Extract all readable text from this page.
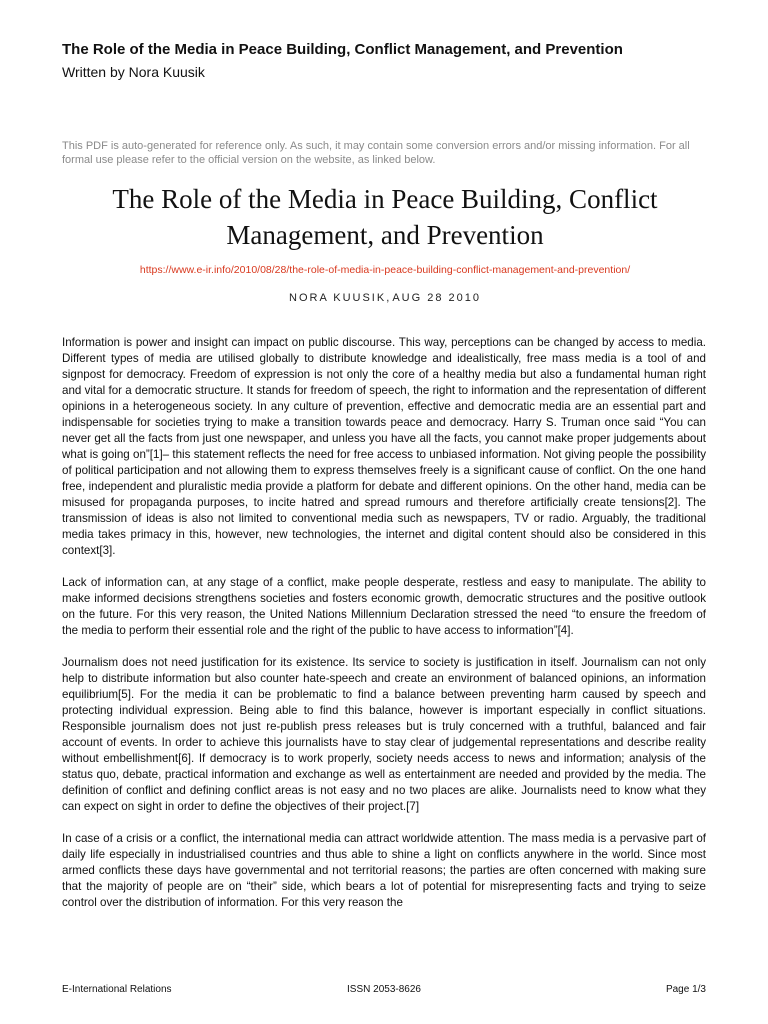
The Role of the Media in Peace Building, Conflict Management, and Prevention

Written by Nora Kuusik

This PDF is auto-generated for reference only. As such, it may contain some conversion errors and/or missing information. For all formal use please refer to the official version on the website, as linked below.

The Role of the Media in Peace Building, Conflict Management, and Prevention
https://www.e-ir.info/2010/08/28/the-role-of-media-in-peace-building-conflict-management-and-prevention/
NORA KUUSIK, AUG 28 2010

Information is power and insight can impact on public discourse. This way, perceptions can be changed by access to media. Different types of media are utilised globally to distribute knowledge and idealistically, free mass media is a tool of and signpost for democracy. Freedom of expression is not only the core of a healthy media but also a fundamental human right and vital for a democratic structure. It stands for freedom of speech, the right to information and the representation of different opinions in a heterogeneous society. In any culture of prevention, effective and democratic media are an essential part and indispensable for societies trying to make a transition towards peace and democracy. Harry S. Truman once said “You can never get all the facts from just one newspaper, and unless you have all the facts, you cannot make proper judgements about what is going on”[1]– this statement reflects the need for free access to unbiased information. Not giving people the possibility of political participation and not allowing them to express themselves freely is a significant cause of conflict. On the one hand free, independent and pluralistic media provide a platform for debate and different opinions. On the other hand, media can be misused for propaganda purposes, to incite hatred and spread rumours and therefore artificially create tensions[2]. The transmission of ideas is also not limited to conventional media such as newspapers, TV or radio. Arguably, the traditional media takes primacy in this, however, new technologies, the internet and digital content should also be considered in this context[3].

Lack of information can, at any stage of a conflict, make people desperate, restless and easy to manipulate. The ability to make informed decisions strengthens societies and fosters economic growth, democratic structures and the positive outlook on the future. For this very reason, the United Nations Millennium Declaration stressed the need “to ensure the freedom of the media to perform their essential role and the right of the public to have access to information”[4].

Journalism does not need justification for its existence. Its service to society is justification in itself. Journalism can not only help to distribute information but also counter hate-speech and create an environment of balanced opinions, an information equilibrium[5]. For the media it can be problematic to find a balance between preventing harm caused by speech and protecting individual expression. Being able to find this balance, however is important especially in conflict situations. Responsible journalism does not just re-publish press releases but is truly concerned with a truthful, balanced and fair account of events. In order to achieve this journalists have to stay clear of judgemental representations and describe reality without embellishment[6]. If democracy is to work properly, society needs access to news and information; analysis of the status quo, debate, practical information and exchange as well as entertainment are needed and provided by the media. The definition of conflict and defining conflict areas is not easy and no two places are alike. Journalists need to know what they can expect on sight in order to define the objectives of their project.[7]

In case of a crisis or a conflict, the international media can attract worldwide attention. The mass media is a pervasive part of daily life especially in industrialised countries and thus able to shine a light on conflicts anywhere in the world. Since most armed conflicts these days have governmental and not territorial reasons; the parties are often concerned with making sure that the majority of people are on “their” side, which bears a lot of potential for misrepresenting facts and trying to seize control over the distribution of information. For this very reason the

E-International Relations	ISSN 2053-8626	Page 1/3
